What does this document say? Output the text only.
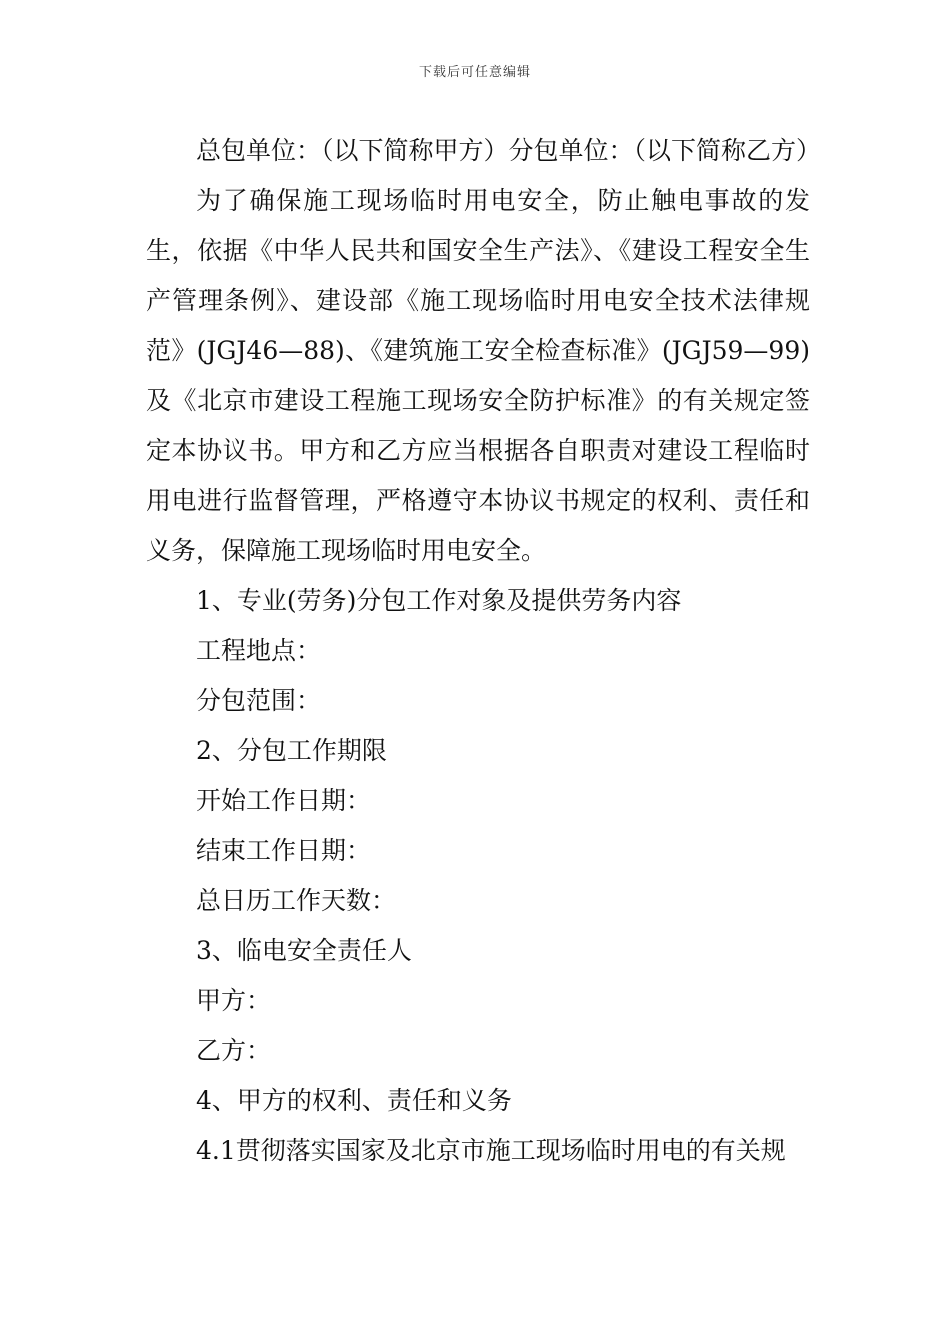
下载后可任意编辑

总包单位：（以下简称甲方）分包单位：（以下简称乙方）

为了确保施工现场临时用电安全，防止触电事故的发生，依据《中华人民共和国安全生产法》、《建设工程安全生产管理条例》、建设部《施工现场临时用电安全技术法律规范》(JGJ46—88)、《建筑施工安全检查标准》(JGJ59—99)及《北京市建设工程施工现场安全防护标准》的有关规定签定本协议书。甲方和乙方应当根据各自职责对建设工程临时用电进行监督管理，严格遵守本协议书规定的权利、责任和义务，保障施工现场临时用电安全。

1、专业(劳务)分包工作对象及提供劳务内容

工程地点：

分包范围：

2、分包工作期限

开始工作日期：

结束工作日期：

总日历工作天数：

3、临电安全责任人

甲方：

乙方：

4、甲方的权利、责任和义务

4.1贯彻落实国家及北京市施工现场临时用电的有关规
